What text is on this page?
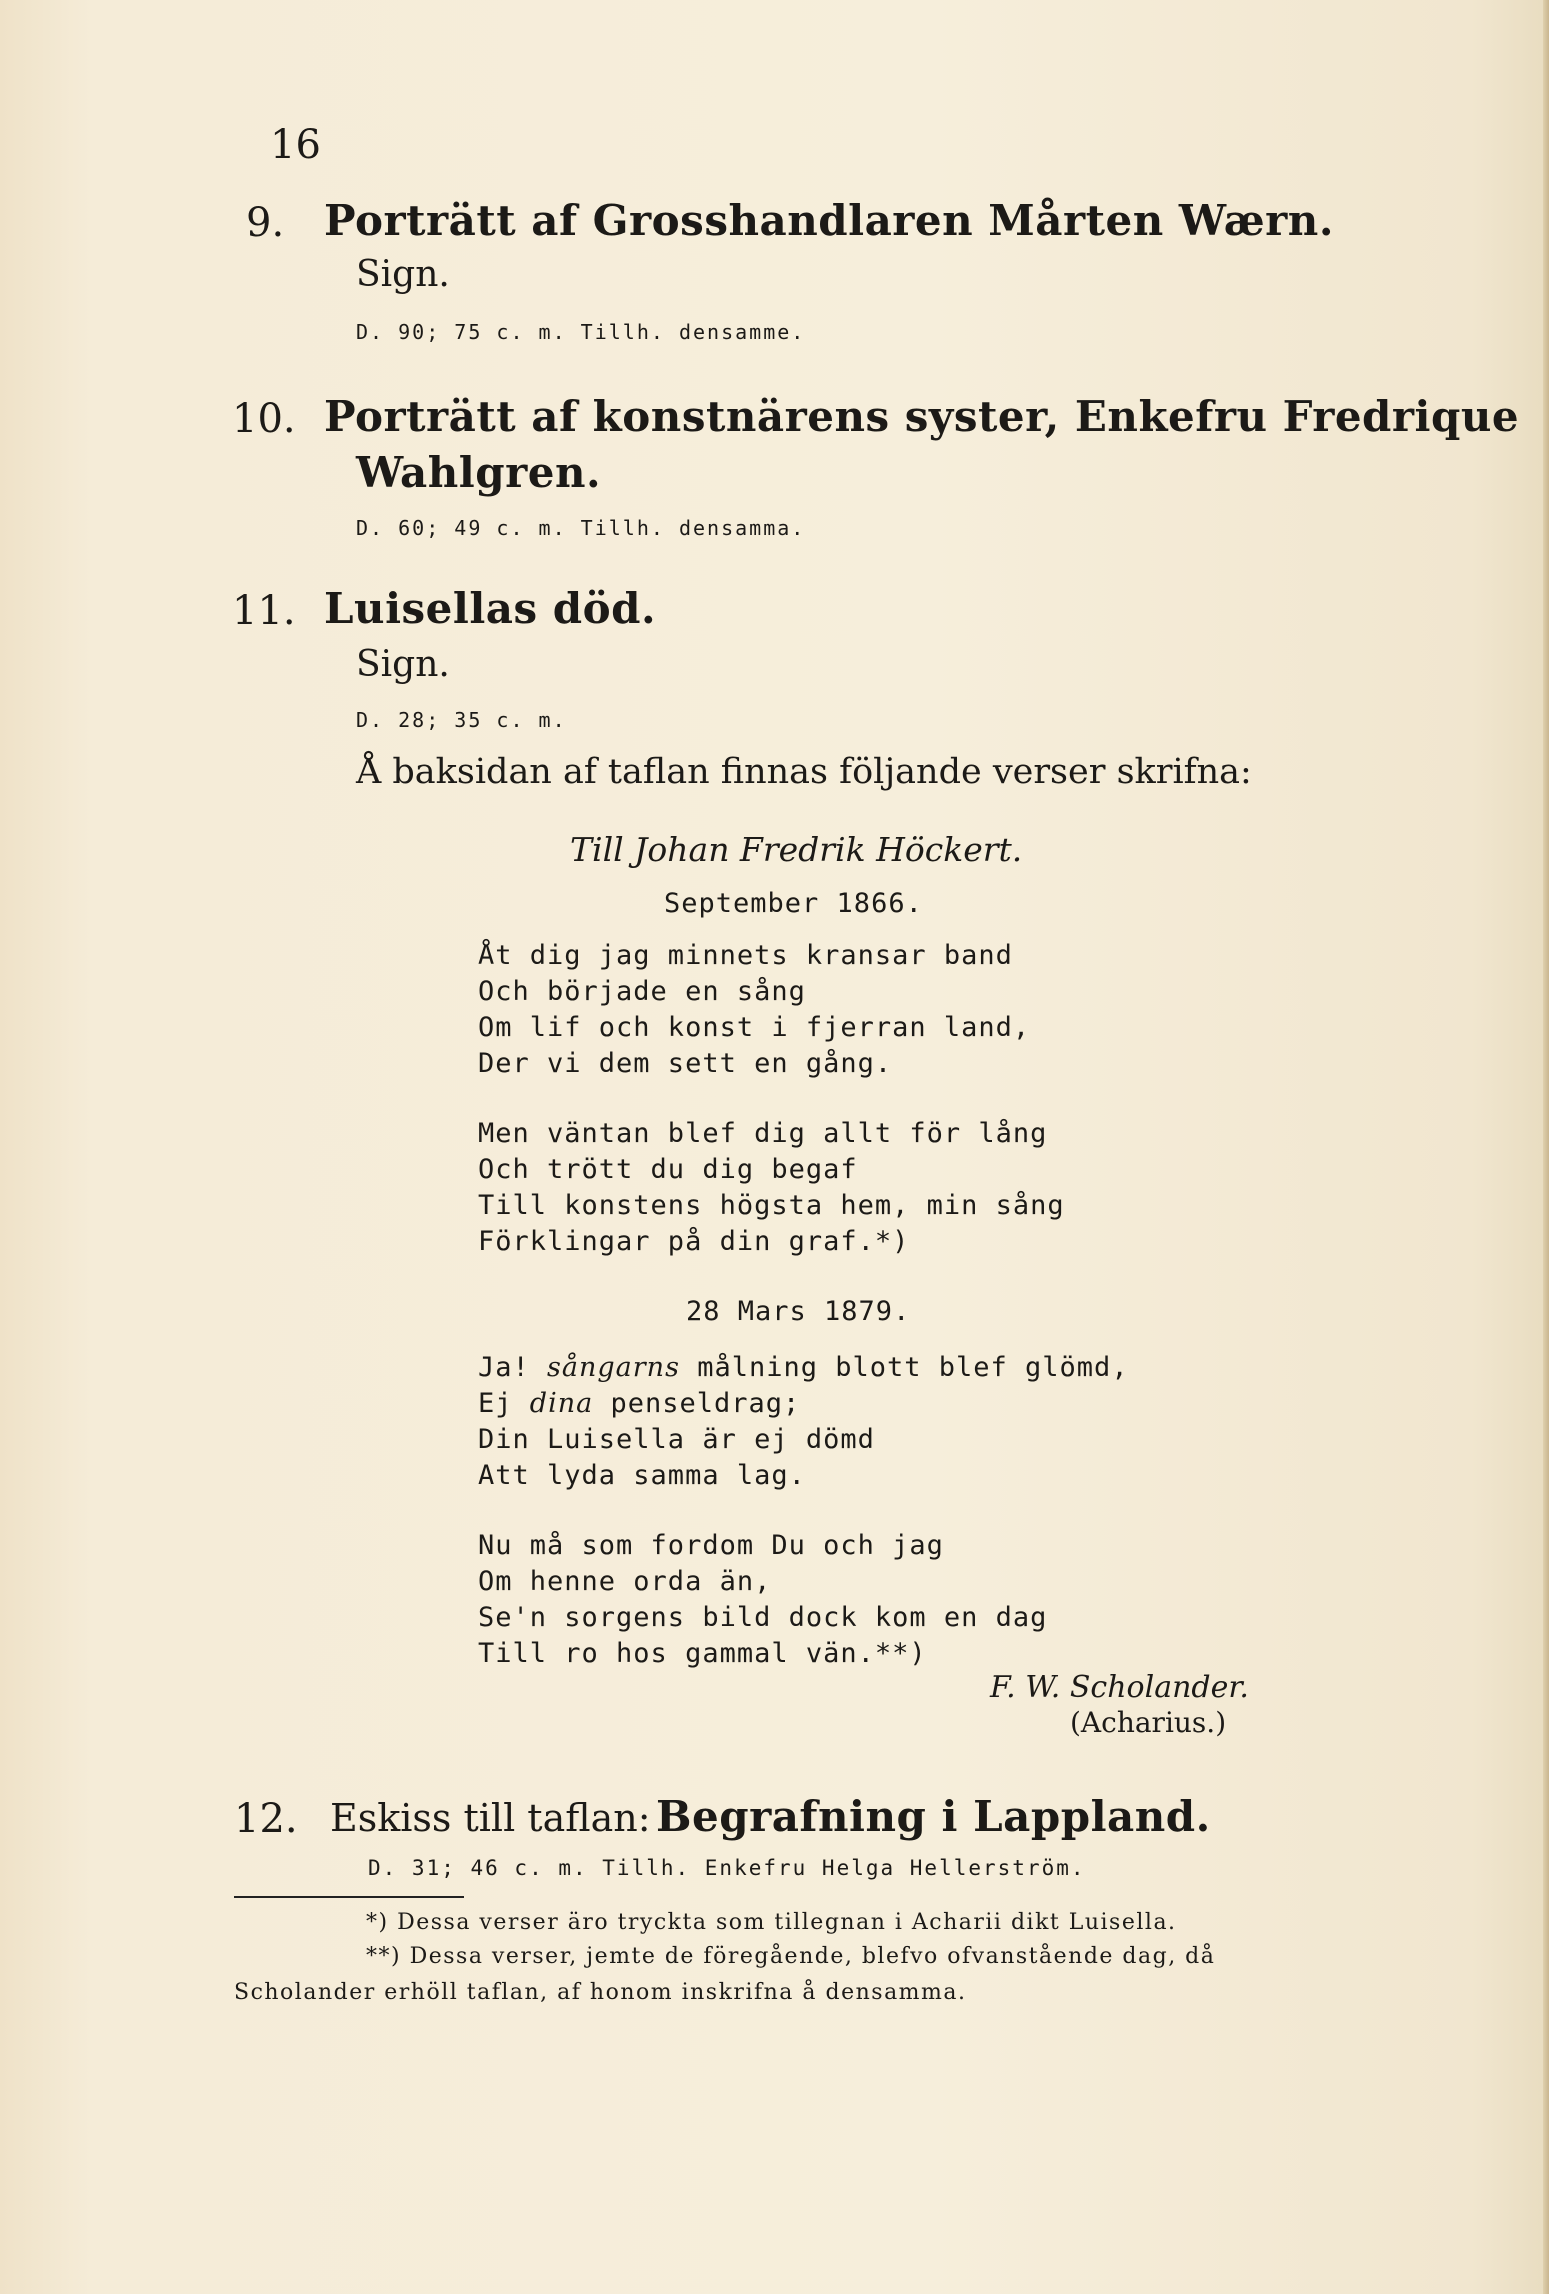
16
9. Porträtt af Grosshandlaren Mårten Wærn.
Sign.
D. 90; 75 c. m. Tillh. densamme.
10. Porträtt af konstnärens syster, Enkefru Fredrique
Wahlgren.
D. 60; 49 c. m. Tillh. densamma.
11. Luisellas död.
Sign.
D. 28; 35 c. m.
Å baksidan af taflan finnas följande verser skrifna:
Till Johan Fredrik Höckert.
September 1866.
Åt dig jag minnets kransar band
Och började en sång
Om lif och konst i fjerran land,
Der vi dem sett en gång.
Men väntan blef dig allt för lång
Och trött du dig begaf
Till konstens högsta hem, min sång
Förklingar på din graf.*)
28 Mars 1879.
Ja! sångarns målning blott blef glömd,
Ej dina penseldrag;
Din Luisella är ej dömd
Att lyda samma lag.
Nu må som fordom Du och jag
Om henne orda än,
Se'n sorgens bild dock kom en dag
Till ro hos gammal vän.**)
F. W. Scholander.
(Acharius.)
12. Eskiss till taflan: Begrafning i Lappland.
D. 31; 46 c. m. Tillh. Enkefru Helga Hellerström.
*) Dessa verser äro tryckta som tillegnan i Acharii dikt Luisella.
**) Dessa verser, jemte de föregående, blefvo ofvanstående dag, då
Scholander erhöll taflan, af honom inskrifna å densamma.
